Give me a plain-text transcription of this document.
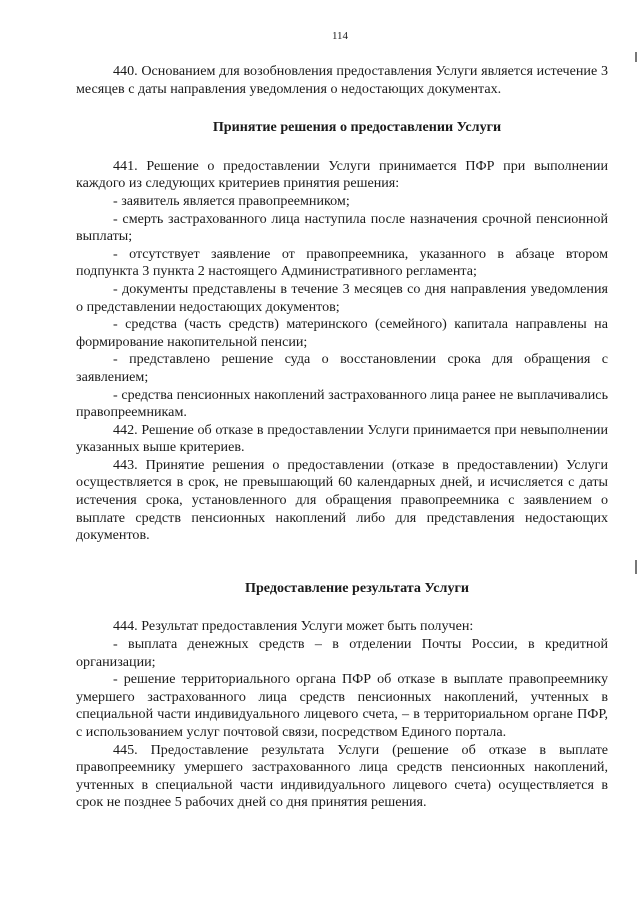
114

440. Основанием для возобновления предоставления Услуги является истечение 3 месяцев с даты направления уведомления о недостающих документах.

Принятие решения о предоставлении Услуги

441. Решение о предоставлении Услуги принимается ПФР при выполнении каждого из следующих критериев принятия решения:

- заявитель является правопреемником;

- смерть застрахованного лица наступила после назначения срочной пенсионной выплаты;

- отсутствует заявление от правопреемника, указанного в абзаце втором подпункта 3 пункта 2 настоящего Административного регламента;

- документы представлены в течение 3 месяцев со дня направления уведомления о представлении недостающих документов;

- средства (часть средств) материнского (семейного) капитала направлены на формирование накопительной пенсии;

- представлено решение суда о восстановлении срока для обращения с заявлением;

- средства пенсионных накоплений застрахованного лица ранее не выплачивались правопреемникам.

442. Решение об отказе в предоставлении Услуги принимается при невыполнении указанных выше критериев.

443. Принятие решения о предоставлении (отказе в предоставлении) Услуги осуществляется в срок, не превышающий 60 календарных дней, и исчисляется с даты истечения срока, установленного для обращения правопреемника с заявлением о выплате средств пенсионных накоплений либо для представления недостающих документов.

Предоставление результата Услуги

444. Результат предоставления Услуги может быть получен:

- выплата денежных средств – в отделении Почты России, в кредитной организации;

- решение территориального органа ПФР об отказе в выплате правопреемнику умершего застрахованного лица средств пенсионных накоплений, учтенных в специальной части индивидуального лицевого счета, – в территориальном органе ПФР, с использованием услуг почтовой связи, посредством Единого портала.

445. Предоставление результата Услуги (решение об отказе в выплате правопреемнику умершего застрахованного лица средств пенсионных накоплений, учтенных в специальной части индивидуального лицевого счета) осуществляется в срок не позднее 5 рабочих дней со дня принятия решения.
